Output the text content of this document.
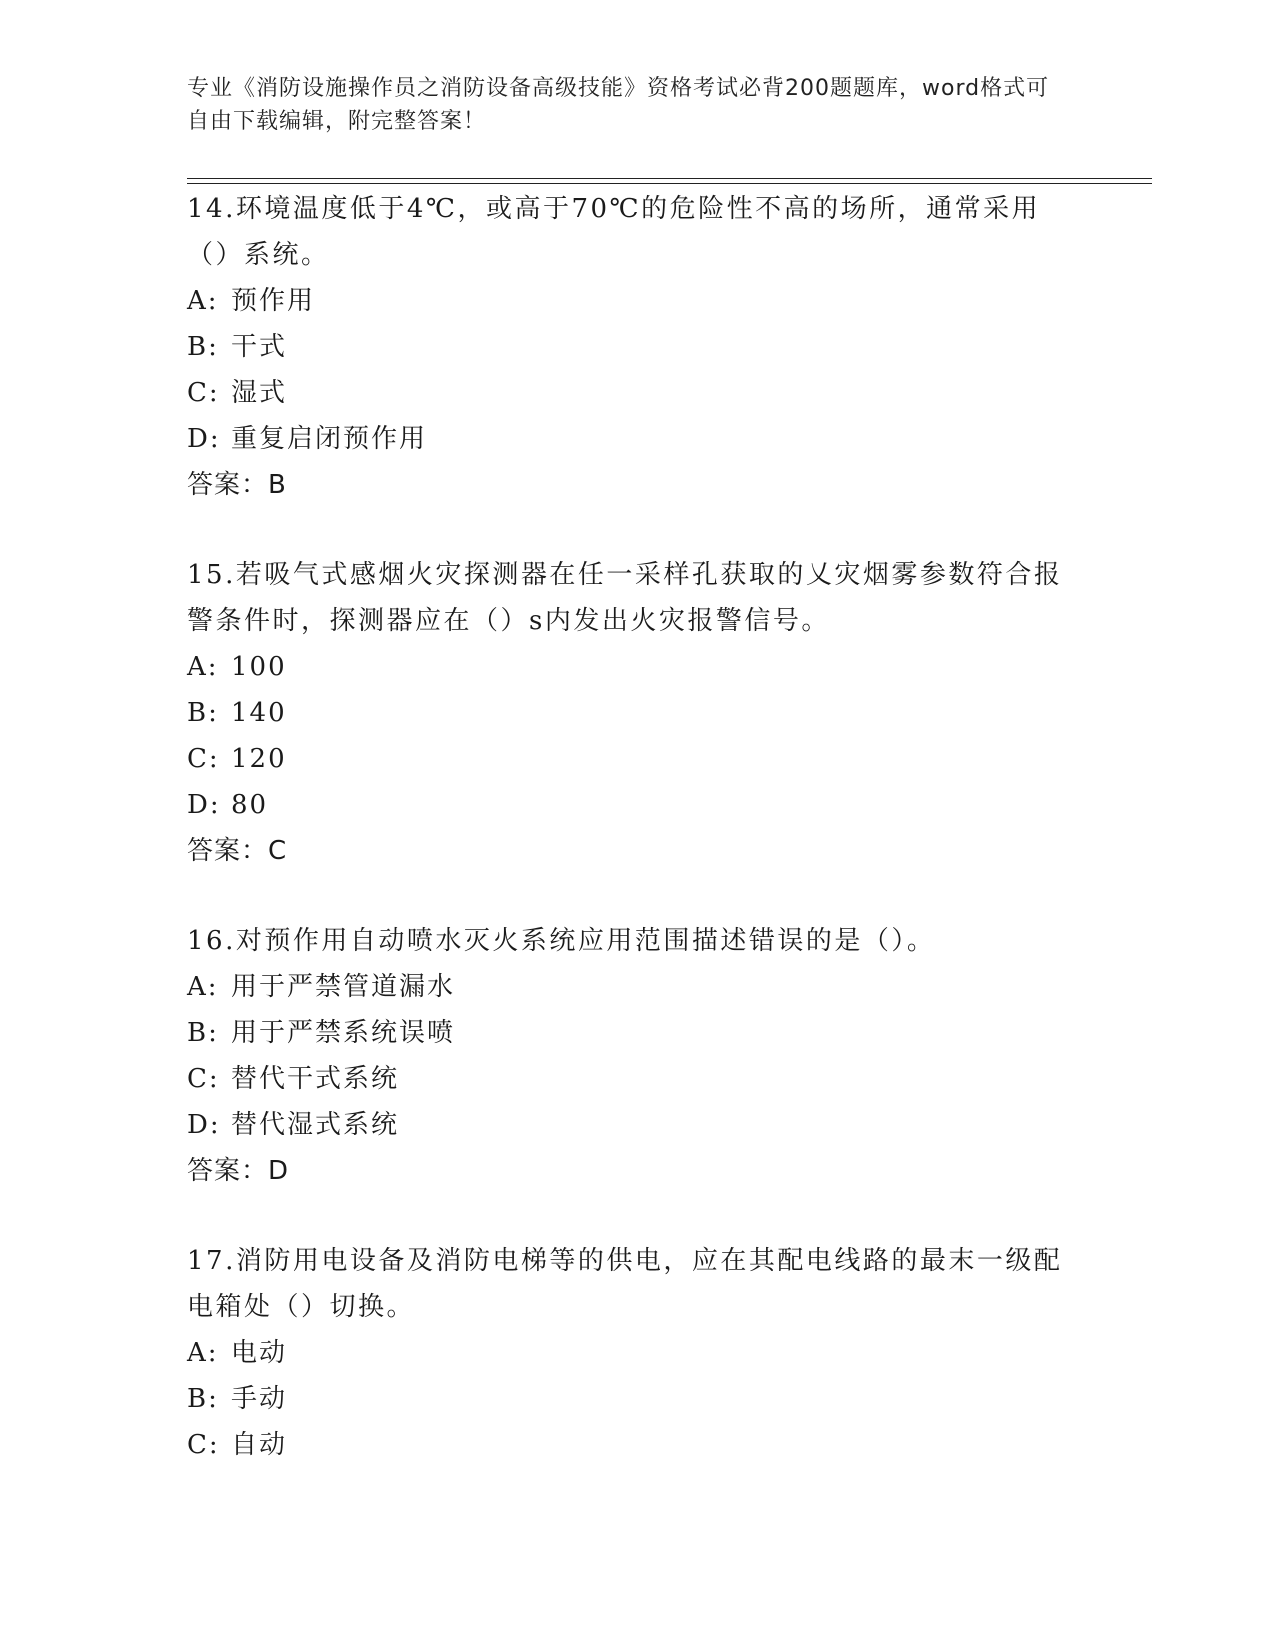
专业《消防设施操作员之消防设备高级技能》资格考试必背200题题库，word格式可自由下载编辑，附完整答案！

14.环境温度低于4℃，或高于70℃的危险性不高的场所，通常采用（）系统。

A: 预作用

B: 干式

C: 湿式

D: 重复启闭预作用

答案：B

15.若吸气式感烟火灾探测器在任一采样孔获取的乂灾烟雾参数符合报警条件时，探测器应在（）s内发出火灾报警信号。

A: 100

B: 140

C: 120

D: 80

答案：C

16.对预作用自动喷水灭火系统应用范围描述错误的是（）。

A: 用于严禁管道漏水

B: 用于严禁系统误喷

C: 替代干式系统

D: 替代湿式系统

答案：D

17.消防用电设备及消防电梯等的供电，应在其配电线路的最末一级配电箱处（）切换。

A: 电动

B: 手动

C: 自动
